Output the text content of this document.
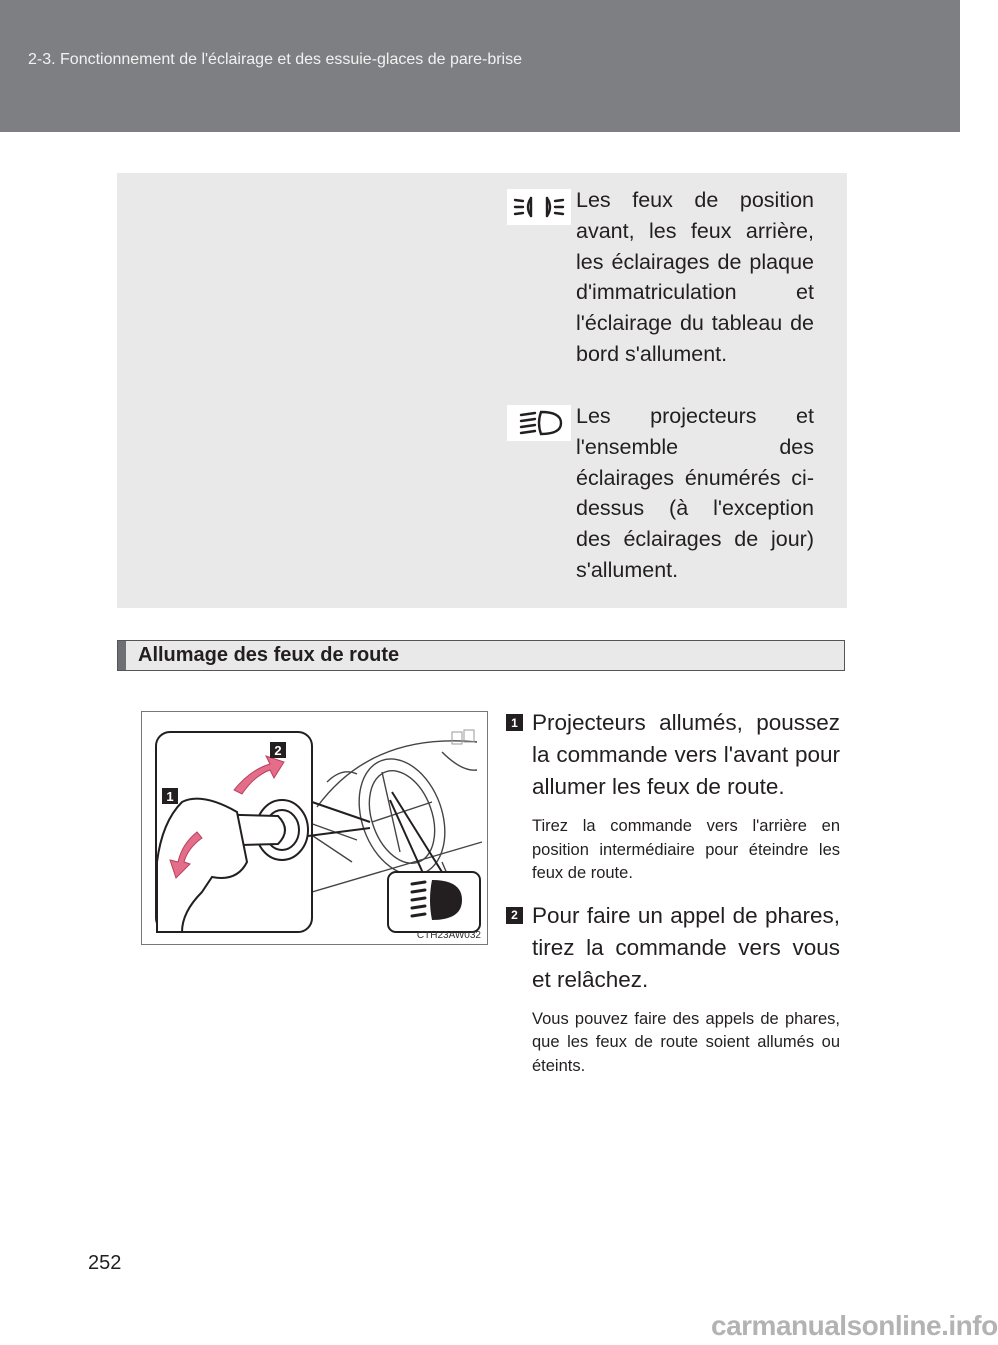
2-3. Fonctionnement de l'éclairage et des essuie-glaces de pare-brise
Les feux de position avant, les feux arrière, les éclairages de plaque d'immatriculation et l'éclairage du tableau de bord s'allument.
Les projecteurs et l'ensemble des éclairages énumérés ci-dessus (à l'exception des éclairages de jour) s'allument.
Allumage des feux de route
1
2
CTH23AW032
1 Projecteurs allumés, poussez la commande vers l'avant pour allumer les feux de route.
Tirez la commande vers l'arrière en position intermédiaire pour éteindre les feux de route.
2 Pour faire un appel de phares, tirez la commande vers vous et relâchez.
Vous pouvez faire des appels de phares, que les feux de route soient allumés ou éteints.
252
carmanualsonline.info
